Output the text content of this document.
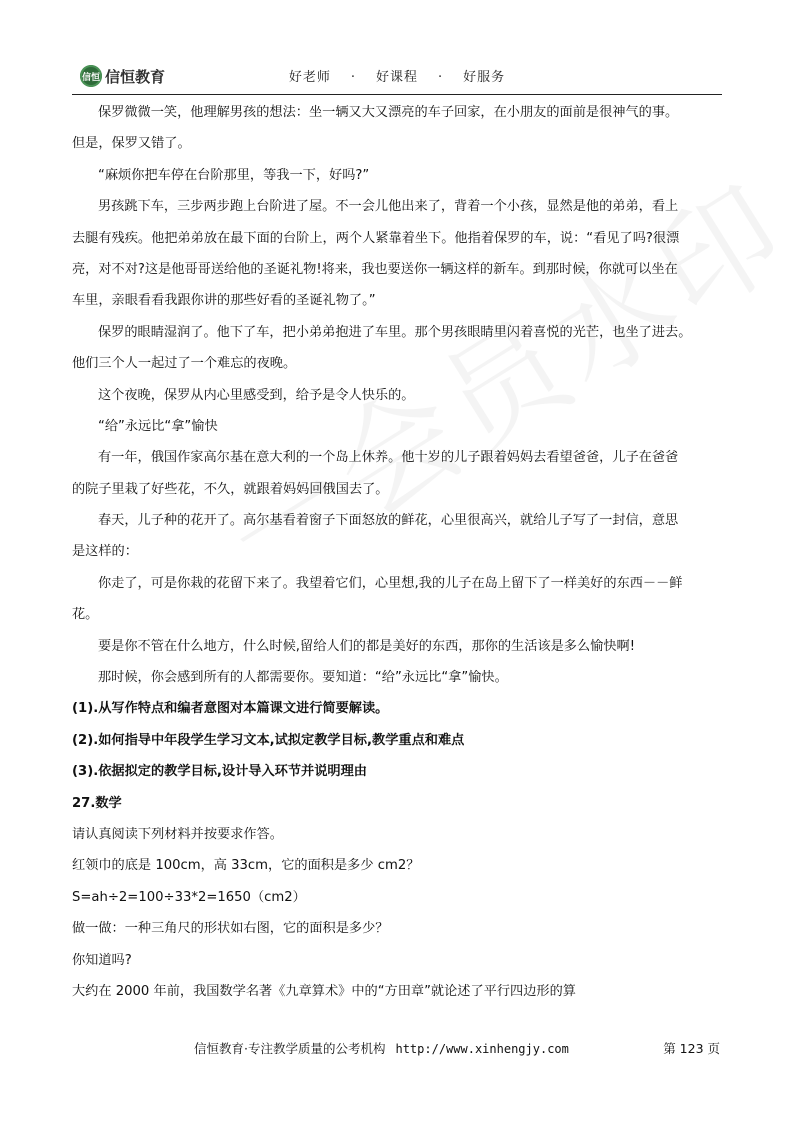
信恒 信恒教育	好老师 · 好课程 · 好服务
保罗微微一笑，他理解男孩的想法：坐一辆又大又漂亮的车子回家，在小朋友的面前是很神气的事。
但是，保罗又错了。
“麻烦你把车停在台阶那里，等我一下，好吗?”
男孩跳下车，三步两步跑上台阶进了屋。不一会儿他出来了，背着一个小孩，显然是他的弟弟，看上
去腿有残疾。他把弟弟放在最下面的台阶上，两个人紧靠着坐下。他指着保罗的车，说：“看见了吗?很漂
亮，对不对?这是他哥哥送给他的圣诞礼物!将来，我也要送你一辆这样的新车。到那时候，你就可以坐在
车里，亲眼看看我跟你讲的那些好看的圣诞礼物了。”
保罗的眼睛湿润了。他下了车，把小弟弟抱进了车里。那个男孩眼睛里闪着喜悦的光芒，也坐了进去。
他们三个人一起过了一个难忘的夜晚。
这个夜晚，保罗从内心里感受到，给予是令人快乐的。
“给”永远比“拿”愉快
有一年，俄国作家高尔基在意大利的一个岛上休养。他十岁的儿子跟着妈妈去看望爸爸，儿子在爸爸
的院子里栽了好些花，不久，就跟着妈妈回俄国去了。
春天，儿子种的花开了。高尔基看着窗子下面怒放的鲜花，心里很高兴，就给儿子写了一封信，意思
是这样的：
你走了，可是你栽的花留下来了。我望着它们，心里想,我的儿子在岛上留下了一样美好的东西－－鲜
花。
要是你不管在什么地方，什么时候,留给人们的都是美好的东西，那你的生活该是多么愉快啊!
那时候，你会感到所有的人都需要你。要知道：“给”永远比“拿”愉快。
(1).从写作特点和编者意图对本篇课文进行简要解读。
(2).如何指导中年段学生学习文本,试拟定教学目标,教学重点和难点
(3).依据拟定的教学目标,设计导入环节并说明理由
27.数学
请认真阅读下列材料并按要求作答。
红领巾的底是 100cm，高 33cm，它的面积是多少 cm2？
S=ah÷2=100÷33*2=1650（cm2）
做一做：一种三角尺的形状如右图，它的面积是多少？
你知道吗?
大约在 2000 年前，我国数学名著《九章算术》中的“方田章”就论述了平行四边形的算
信恒教育·专注教学质量的公考机构 http://www.xinhengjy.com	第 123 页
